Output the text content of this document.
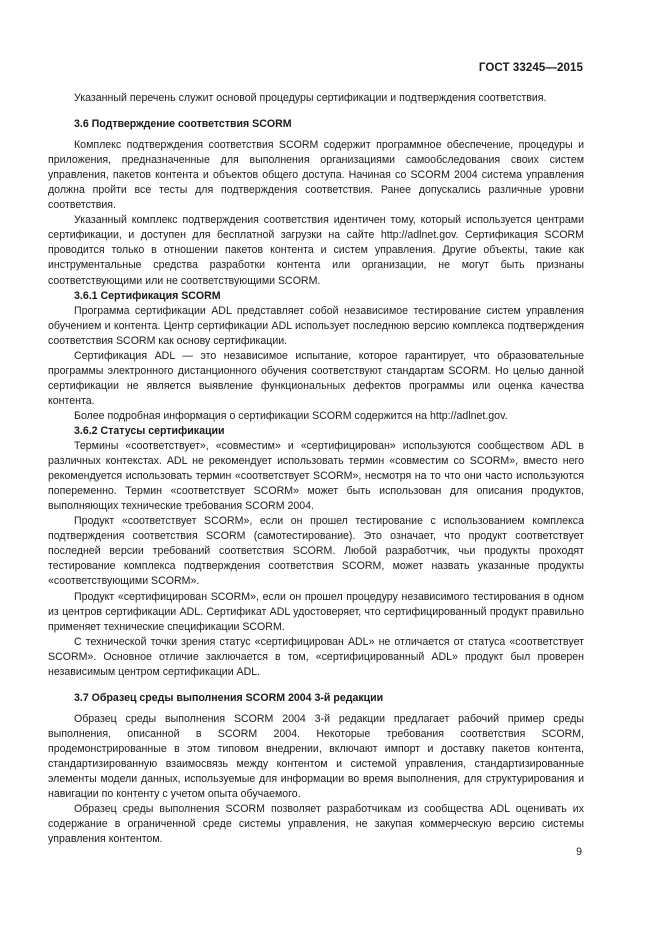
ГОСТ 33245—2015

Указанный перечень служит основой процедуры сертификации и подтверждения соответствия.

3.6 Подтверждение соответствия SCORM

Комплекс подтверждения соответствия SCORM содержит программное обеспечение, процедуры и приложения, предназначенные для выполнения организациями самообследования своих систем управления, пакетов контента и объектов общего доступа. Начиная со SCORM 2004 система управления должна пройти все тесты для подтверждения соответствия. Ранее допускались различные уровни соответствия.

Указанный комплекс подтверждения соответствия идентичен тому, который используется центрами сертификации, и доступен для бесплатной загрузки на сайте http://adlnet.gov. Сертификация SCORM проводится только в отношении пакетов контента и систем управления. Другие объекты, такие как инструментальные средства разработки контента или организации, не могут быть признаны соответствующими или не соответствующими SCORM.

3.6.1 Сертификация SCORM

Программа сертификации ADL представляет собой независимое тестирование систем управления обучением и контента. Центр сертификации ADL использует последнюю версию комплекса подтверждения соответствия SCORM как основу сертификации.

Сертификация ADL — это независимое испытание, которое гарантирует, что образовательные программы электронного дистанционного обучения соответствуют стандартам SCORM. Но целью данной сертификации не является выявление функциональных дефектов программы или оценка качества контента.

Более подробная информация о сертификации SCORM содержится на http://adlnet.gov.

3.6.2 Статусы сертификации

Термины «соответствует», «совместим» и «сертифицирован» используются сообществом ADL в различных контекстах. ADL не рекомендует использовать термин «совместим со SCORM», вместо него рекомендуется использовать термин «соответствует SCORM», несмотря на то что они часто используются попеременно. Термин «соответствует SCORM» может быть использован для описания продуктов, выполняющих технические требования SCORM 2004.

Продукт «соответствует SCORM», если он прошел тестирование с использованием комплекса подтверждения соответствия SCORM (самотестирование). Это означает, что продукт соответствует последней версии требований соответствия SCORM. Любой разработчик, чьи продукты проходят тестирование комплекса подтверждения соответствия SCORM, может назвать указанные продукты «соответствующими SCORM».

Продукт «сертифицирован SCORM», если он прошел процедуру независимого тестирования в одном из центров сертификации ADL. Сертификат ADL удостоверяет, что сертифицированный продукт правильно применяет технические спецификации SCORM.

С технической точки зрения статус «сертифицирован ADL» не отличается от статуса «соответствует SCORM». Основное отличие заключается в том, «сертифицированный ADL» продукт был проверен независимым центром сертификации ADL.

3.7 Образец среды выполнения SCORM 2004 3-й редакции

Образец среды выполнения SCORM 2004 3-й редакции предлагает рабочий пример среды выполнения, описанной в SCORM 2004. Некоторые требования соответствия SCORM, продемонстрированные в этом типовом внедрении, включают импорт и доставку пакетов контента, стандартизированную взаимосвязь между контентом и системой управления, стандартизированные элементы модели данных, используемые для информации во время выполнения, для структурирования и навигации по контенту с учетом опыта обучаемого.

Образец среды выполнения SCORM позволяет разработчикам из сообщества ADL оценивать их содержание в ограниченной среде системы управления, не закупая коммерческую версию системы управления контентом.

9
